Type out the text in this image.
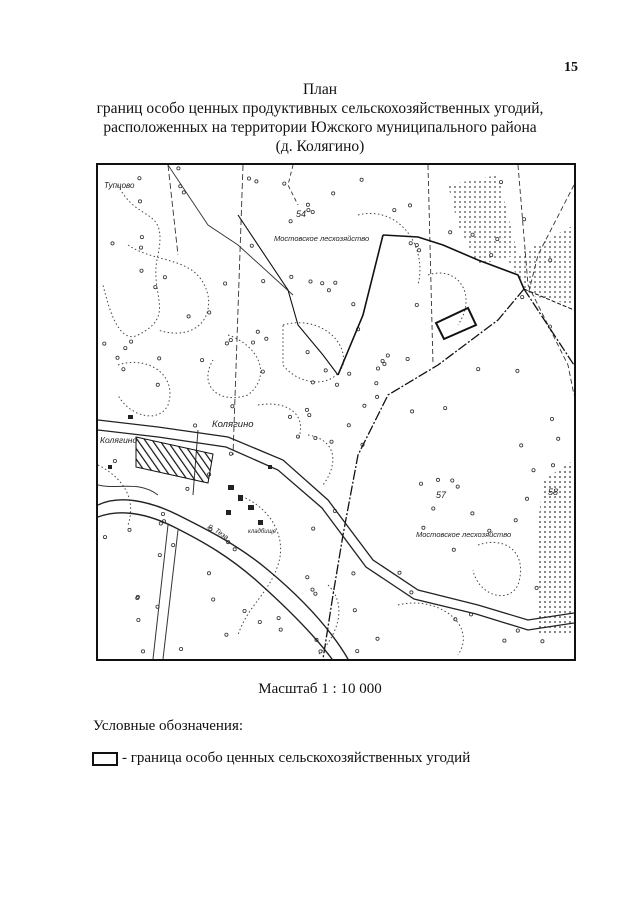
15
План
границ особо ценных продуктивных сельскохозяйственных угодий,
расположенных на территории Южского муниципального района
(д. Колягино)
Тупцово
54
Мостовское лесхозяйство
Колягино
Колягино
57	58
Мостовское лесхозяйство
р. Теза	кладбище
Масштаб 1 : 10 000
Условные обозначения:
- граница особо ценных сельскохозяйственных угодий
